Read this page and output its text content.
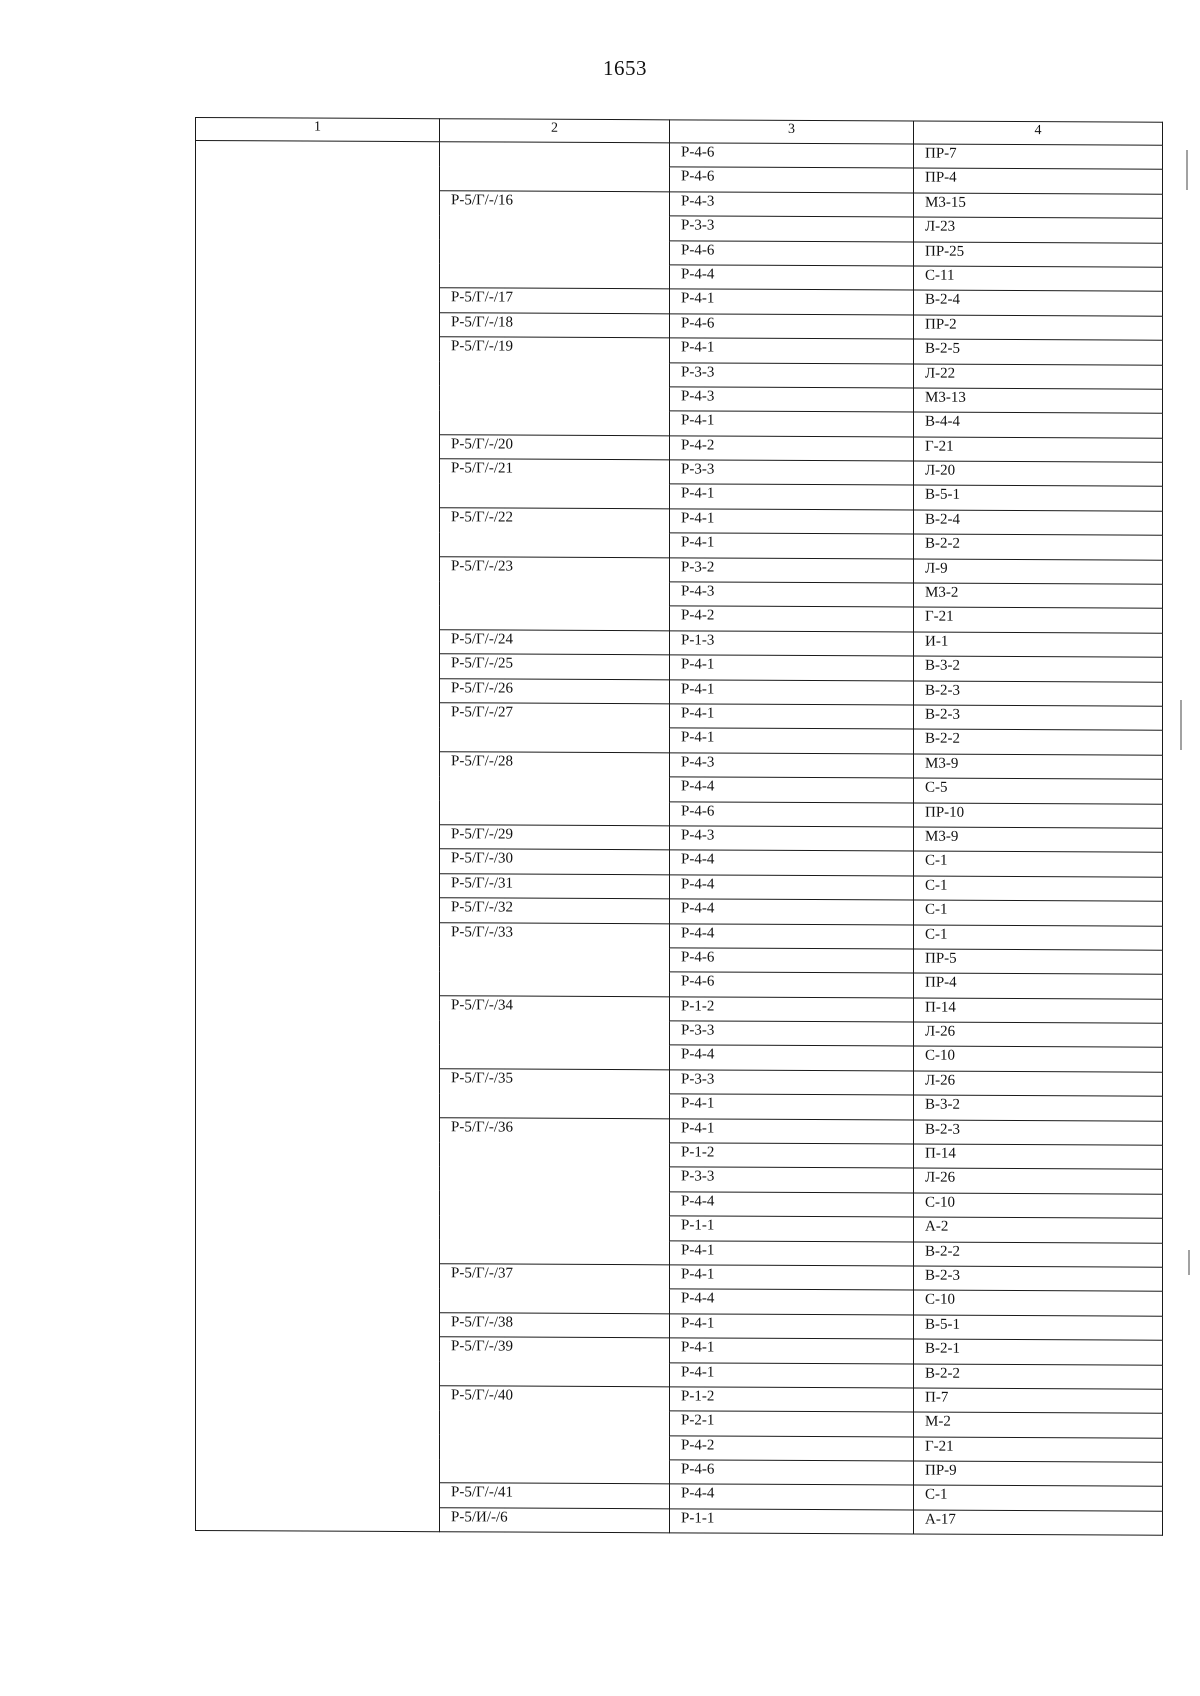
1653
1	2	3	4
		Р-4-6	ПР-7
		Р-4-6	ПР-4
	Р-5/Г/-/16	Р-4-3	М3-15
		Р-3-3	Л-23
		Р-4-6	ПР-25
		Р-4-4	С-11
	Р-5/Г/-/17	Р-4-1	В-2-4
	Р-5/Г/-/18	Р-4-6	ПР-2
	Р-5/Г/-/19	Р-4-1	В-2-5
		Р-3-3	Л-22
		Р-4-3	М3-13
		Р-4-1	В-4-4
	Р-5/Г/-/20	Р-4-2	Г-21
	Р-5/Г/-/21	Р-3-3	Л-20
		Р-4-1	В-5-1
	Р-5/Г/-/22	Р-4-1	В-2-4
		Р-4-1	В-2-2
	Р-5/Г/-/23	Р-3-2	Л-9
		Р-4-3	М3-2
		Р-4-2	Г-21
	Р-5/Г/-/24	Р-1-3	И-1
	Р-5/Г/-/25	Р-4-1	В-3-2
	Р-5/Г/-/26	Р-4-1	В-2-3
	Р-5/Г/-/27	Р-4-1	В-2-3
		Р-4-1	В-2-2
	Р-5/Г/-/28	Р-4-3	М3-9
		Р-4-4	С-5
		Р-4-6	ПР-10
	Р-5/Г/-/29	Р-4-3	М3-9
	Р-5/Г/-/30	Р-4-4	С-1
	Р-5/Г/-/31	Р-4-4	С-1
	Р-5/Г/-/32	Р-4-4	С-1
	Р-5/Г/-/33	Р-4-4	С-1
		Р-4-6	ПР-5
		Р-4-6	ПР-4
	Р-5/Г/-/34	Р-1-2	П-14
		Р-3-3	Л-26
		Р-4-4	С-10
	Р-5/Г/-/35	Р-3-3	Л-26
		Р-4-1	В-3-2
	Р-5/Г/-/36	Р-4-1	В-2-3
		Р-1-2	П-14
		Р-3-3	Л-26
		Р-4-4	С-10
		Р-1-1	А-2
		Р-4-1	В-2-2
	Р-5/Г/-/37	Р-4-1	В-2-3
		Р-4-4	С-10
	Р-5/Г/-/38	Р-4-1	В-5-1
	Р-5/Г/-/39	Р-4-1	В-2-1
		Р-4-1	В-2-2
	Р-5/Г/-/40	Р-1-2	П-7
		Р-2-1	М-2
		Р-4-2	Г-21
		Р-4-6	ПР-9
	Р-5/Г/-/41	Р-4-4	С-1
	Р-5/И/-/6	Р-1-1	А-17
